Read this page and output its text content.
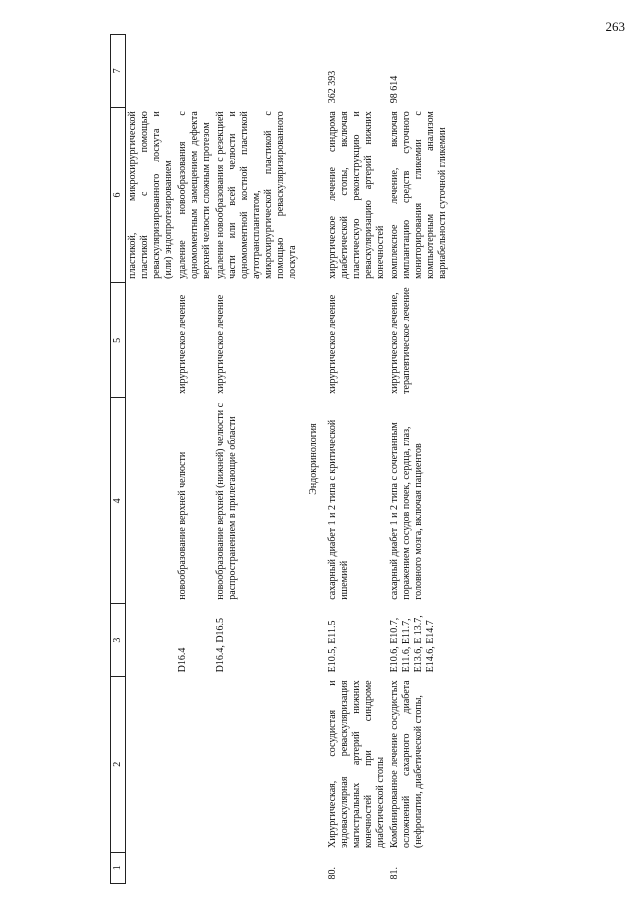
263
1	2	3	4	5	6	7
					пластикой, микрохирургической пластикой с помощью реваскуляризированного лоскута и (или) эндопротезированием	
		D16.4	новообразование верхней челюсти	хирургическое лечение	удаление новообразования с одномоментным замещением дефекта верхней челюсти сложным протезом	
		D16.4, D16.5	новообразование верхней (нижней) челюсти с распространением в прилегающие области	хирургическое лечение	удаление новообразования с резекцией части или всей челюсти и одномоментной костной пластикой аутотрансплантатом, микрохирургической пластикой с помощью реваскуляризированного лоскута	
Эндокринология						
80.	Хирургическая, сосудистая и эндоваскулярная реваскуляризация магистральных артерий нижних конечностей при синдроме диабетической стопы	E10.5, E11.5	сахарный диабет 1 и 2 типа с критической ишемией	хирургическое лечение	хирургическое лечение синдрома диабетической стопы, включая пластическую реконструкцию и реваскуляризацию артерий нижних конечностей	362 393
81.	Комбинированное лечение сосудистых осложнений сахарного диабета (нефропатии, диабетической стопы,	E10.6, E10.7, E11.6, E11.7, E13.6, E 13.7, E14.6, E14.7	сахарный диабет 1 и 2 типа с сочетанным поражением сосудов почек, сердца, глаз, головного мозга, включая пациентов	хирургическое лечение, терапевтическое лечение	комплексное лечение, включая имплантацию средств суточного мониторирования гликемии с компьютерным анализом вариабельности суточной гликемии	98 614
